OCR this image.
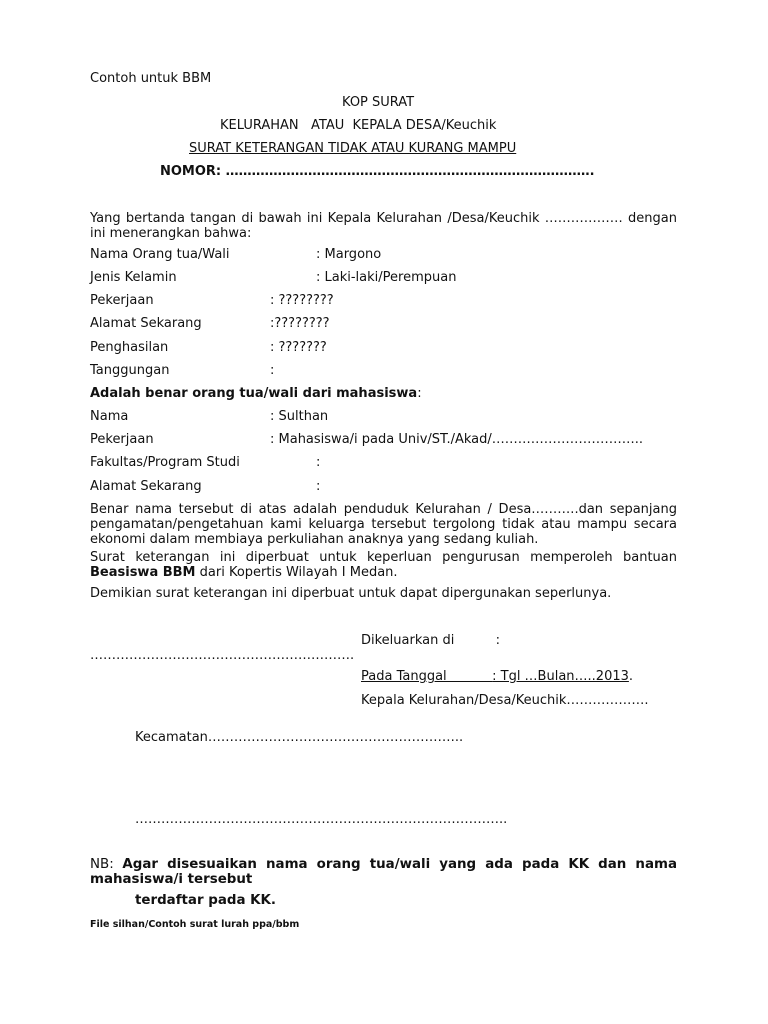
Contoh untuk BBM
KOP SURAT
KELURAHAN   ATAU  KEPALA DESA/Keuchik
SURAT KETERANGAN TIDAK ATAU KURANG MAMPU
NOMOR: ………………………………………………………………………….
Yang bertanda tangan di bawah ini Kepala Kelurahan /Desa/Keuchik ……………… dengan ini menerangkan bahwa:
Nama Orang tua/Wali	: Margono
Jenis Kelamin	: Laki-laki/Perempuan
Pekerjaan	: ????????
Alamat Sekarang	:????????
Penghasilan	: ???????
Tanggungan	:
Adalah benar orang tua/wali dari mahasiswa:
Nama	: Sulthan
Pekerjaan	: Mahasiswa/i pada Univ/ST./Akad/……………………………..
Fakultas/Program Studi	:
Alamat Sekarang	:
Benar nama tersebut di atas adalah penduduk Kelurahan / Desa………..dan sepanjang pengamatan/pengetahuan kami keluarga tersebut tergolong tidak atau mampu secara ekonomi dalam membiaya perkuliahan anaknya yang sedang kuliah.
Surat keterangan ini diperbuat untuk keperluan pengurusan memperoleh bantuan Beasiswa BBM dari Kopertis Wilayah I Medan.
Demikian surat keterangan ini diperbuat untuk dapat dipergunakan seperlunya.
Dikeluarkan di          :
…………………………………………………….
Pada Tanggal           : Tgl …Bulan…..2013.
Kepala Kelurahan/Desa/Keuchik……………….
Kecamatan…………………………………………………..
…………………………………………………………………………..
NB: Agar disesuaikan nama orang tua/wali yang ada pada KK dan nama mahasiswa/i tersebut
terdaftar pada KK.
File silhan/Contoh surat lurah ppa/bbm
